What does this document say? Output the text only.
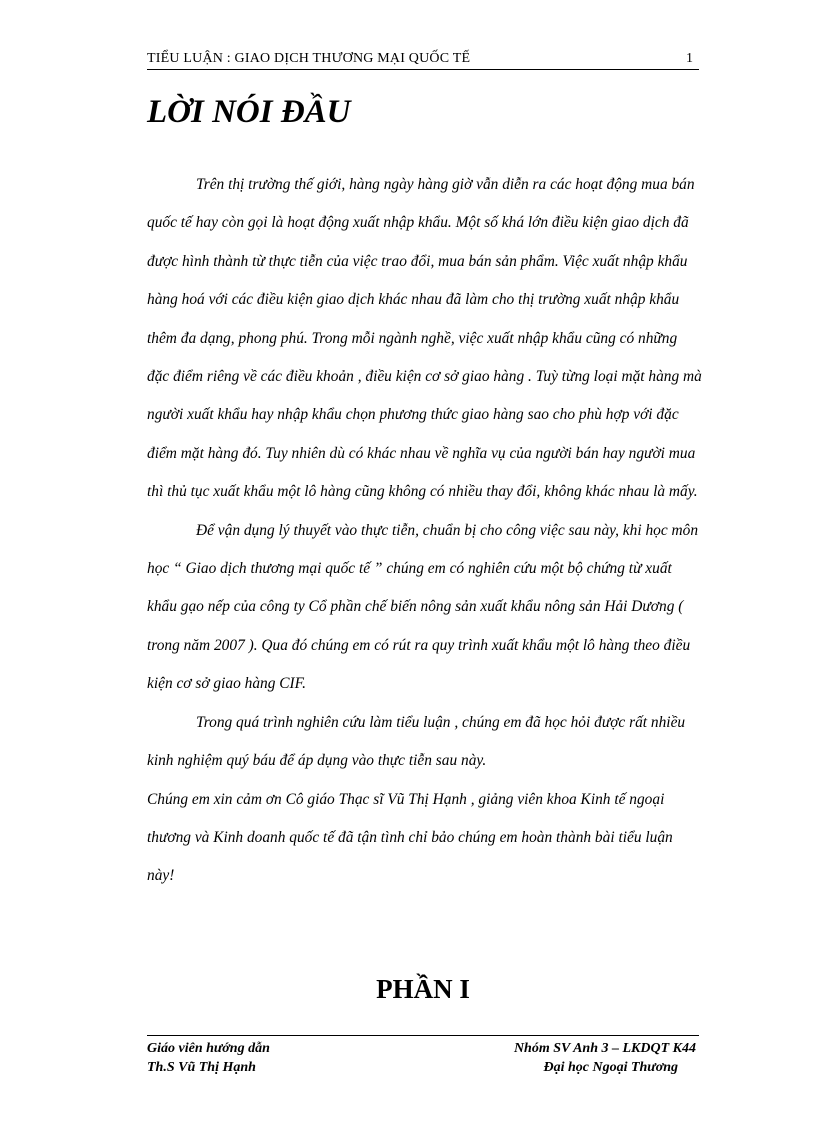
TIỂU LUẬN : GIAO DỊCH THƯƠNG MẠI QUỐC TẾ	1
LỜI NÓI ĐẦU

Trên thị trường thế giới, hàng ngày hàng giờ vẫn diễn ra các hoạt động mua bán quốc tế hay còn gọi là hoạt động xuất nhập khẩu. Một số khá lớn điều kiện giao dịch đã được hình thành từ thực tiễn của việc trao đổi, mua bán sản phẩm. Việc xuất nhập khẩu hàng hoá với các điều kiện giao dịch khác nhau đã làm cho thị trường xuất nhập khẩu thêm đa dạng, phong phú. Trong mỗi ngành nghề, việc xuất nhập khẩu cũng có những đặc điểm riêng về các điều khoản , điều kiện cơ sở giao hàng . Tuỳ từng loại mặt hàng mà người xuất khẩu hay nhập khẩu chọn phương thức giao hàng sao cho phù hợp với đặc điểm mặt hàng đó. Tuy nhiên dù có khác nhau về nghĩa vụ của người bán hay người mua thì thủ tục xuất khẩu một lô hàng cũng không có nhiều thay đổi, không khác nhau là mấy.

Để vận dụng lý thuyết vào thực tiễn, chuẩn bị cho công việc sau này, khi học môn học “ Giao dịch thương mại quốc tế ” chúng em có nghiên cứu một bộ chứng từ xuất khẩu gạo nếp của công ty Cổ phần chế biến nông sản xuất khẩu nông sản Hải Dương ( trong năm 2007 ). Qua đó chúng em có rút ra quy trình xuất khẩu một lô hàng theo điều kiện cơ sở giao hàng CIF.

Trong quá trình nghiên cứu làm tiểu luận , chúng em đã học hỏi được rất nhiều kinh nghiệm quý báu để áp dụng vào thực tiễn sau này.

Chúng em xin cảm ơn Cô giáo Thạc sĩ Vũ Thị Hạnh , giảng viên khoa Kinh tế ngoại thương và Kinh doanh quốc tế đã tận tình chỉ bảo chúng em hoàn thành bài tiểu luận này!

PHẦN I
Giáo viên hướng dẫn
Th.S Vũ Thị Hạnh
Nhóm SV Anh 3 – LKDQT K44
Đại học Ngoại Thương
